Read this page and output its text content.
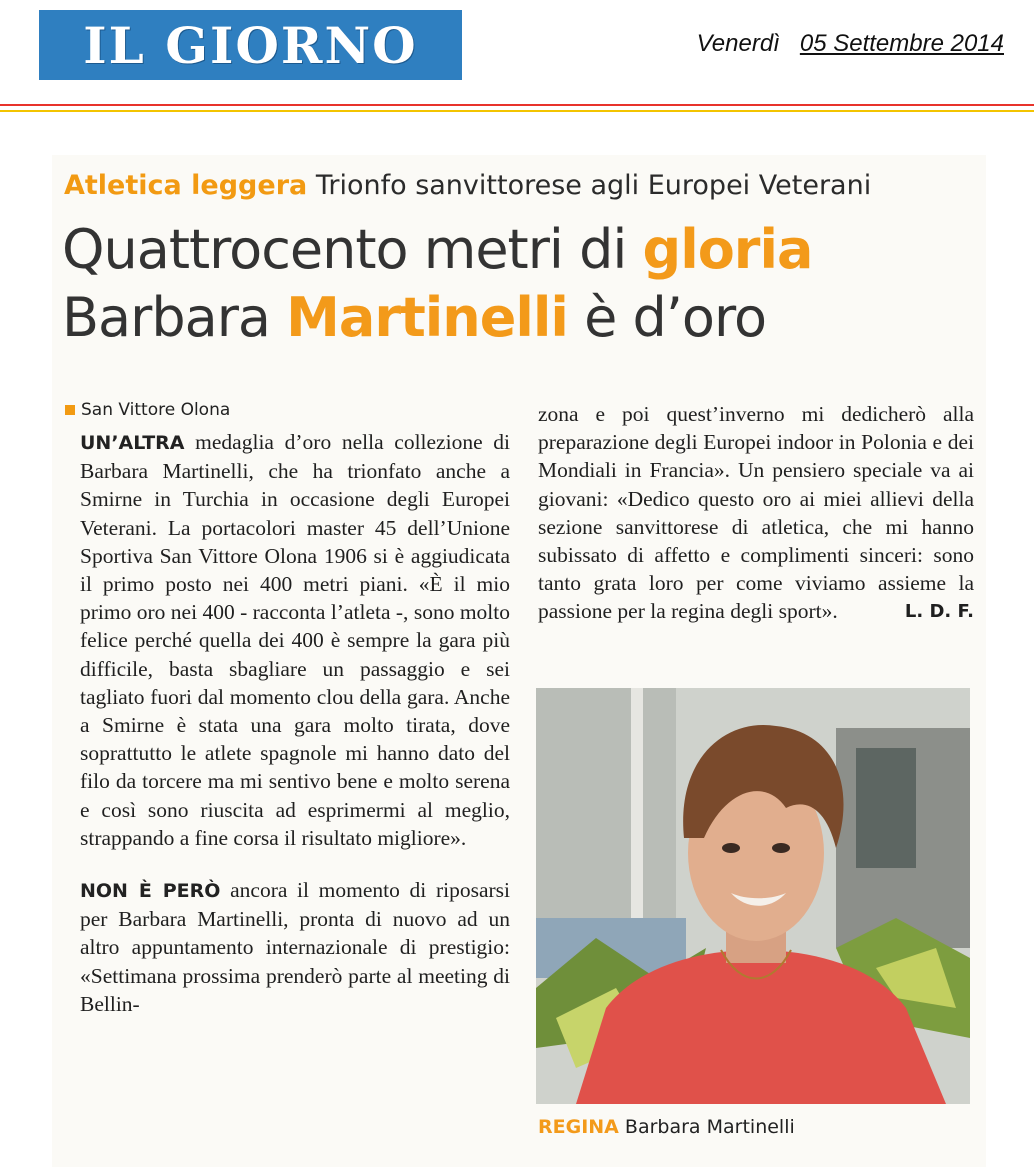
IL GIORNO	Venerdì 05 Settembre 2014
Atletica leggera Trionfo sanvittorese agli Europei Veterani
Quattrocento metri di gloria
Barbara Martinelli è d’oro
San Vittore Olona
UN’ALTRA medaglia d’oro nella collezione di Barbara Martinelli, che ha trionfato anche a Smirne in Turchia in occasione degli Europei Veterani. La portacolori master 45 dell’Unione Sportiva San Vittore Olona 1906 si è aggiudicata il primo posto nei 400 metri piani. «È il mio primo oro nei 400 - racconta l’atleta -, sono molto felice perché quella dei 400 è sempre la gara più difficile, basta sbagliare un passaggio e sei tagliato fuori dal momento clou della gara. Anche a Smirne è stata una gara molto tirata, dove soprattutto le atlete spagnole mi hanno dato del filo da torcere ma mi sentivo bene e molto serena e così sono riuscita ad esprimermi al meglio, strappando a fine corsa il risultato migliore».
NON È PERÒ ancora il momento di riposarsi per Barbara Martinelli, pronta di nuovo ad un altro appuntamento internazionale di prestigio: «Settimana prossima prenderò parte al meeting di Bellin-
zona e poi quest’inverno mi dedicherò alla preparazione degli Europei indoor in Polonia e dei Mondiali in Francia». Un pensiero speciale va ai giovani: «Dedico questo oro ai miei allievi della sezione sanvittorese di atletica, che mi hanno subissato di affetto e complimenti sinceri: sono tanto grata loro per come viviamo assieme la passione per la regina degli sport».	L. D. F.
REGINA Barbara Martinelli
